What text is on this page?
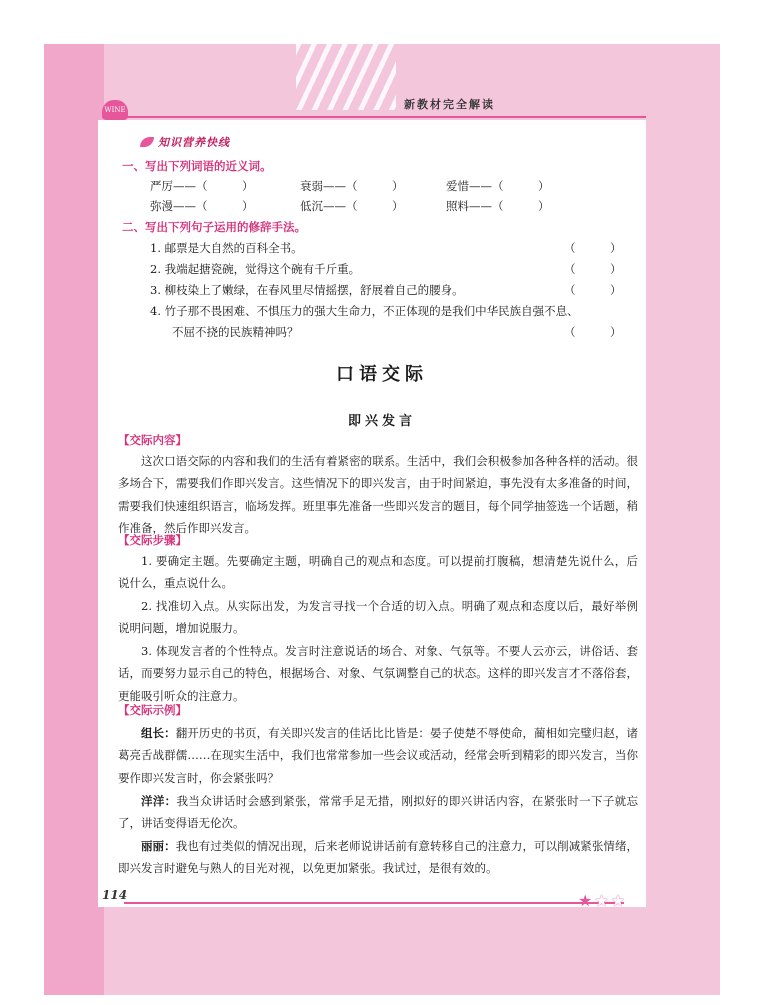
WINE	新教材完全解读
知识营养快线
一、写出下列词语的近义词。
严厉——（　　　）	衰弱——（　　　）	爱惜——（　　　）
弥漫——（　　　）	低沉——（　　　）	照料——（　　　）
二、写出下列句子运用的修辞手法。
1. 邮票是大自然的百科全书。	（　　　）
2. 我端起搪瓷碗，觉得这个碗有千斤重。	（　　　）
3. 柳枝染上了嫩绿，在春风里尽情摇摆，舒展着自己的腰身。	（　　　）
4. 竹子那不畏困难、不惧压力的强大生命力，不正体现的是我们中华民族自强不息、
不屈不挠的民族精神吗？	（　　　）
口语交际
即兴发言
【交际内容】
这次口语交际的内容和我们的生活有着紧密的联系。生活中，我们会积极参加各种各样的活动。很多场合下，需要我们作即兴发言。这些情况下的即兴发言，由于时间紧迫，事先没有太多准备的时间，需要我们快速组织语言，临场发挥。班里事先准备一些即兴发言的题目，每个同学抽签选一个话题，稍作准备，然后作即兴发言。
【交际步骤】
1. 要确定主题。先要确定主题，明确自己的观点和态度。可以提前打腹稿，想清楚先说什么，后说什么，重点说什么。
2. 找准切入点。从实际出发，为发言寻找一个合适的切入点。明确了观点和态度以后，最好举例说明问题，增加说服力。
3. 体现发言者的个性特点。发言时注意说话的场合、对象、气氛等。不要人云亦云，讲俗话、套话，而要努力显示自己的特色，根据场合、对象、气氛调整自己的状态。这样的即兴发言才不落俗套，更能吸引听众的注意力。
【交际示例】
组长：翻开历史的书页，有关即兴发言的佳话比比皆是：晏子使楚不辱使命，蔺相如完璧归赵，诸葛亮舌战群儒……在现实生活中，我们也常常参加一些会议或活动，经常会听到精彩的即兴发言，当你要作即兴发言时，你会紧张吗？
洋洋：我当众讲话时会感到紧张，常常手足无措，刚拟好的即兴讲话内容，在紧张时一下子就忘了，讲话变得语无伦次。
丽丽：我也有过类似的情况出现，后来老师说讲话前有意转移自己的注意力，可以削减紧张情绪，即兴发言时避免与熟人的目光对视，以免更加紧张。我试过，是很有效的。
114	★ ★ ★
